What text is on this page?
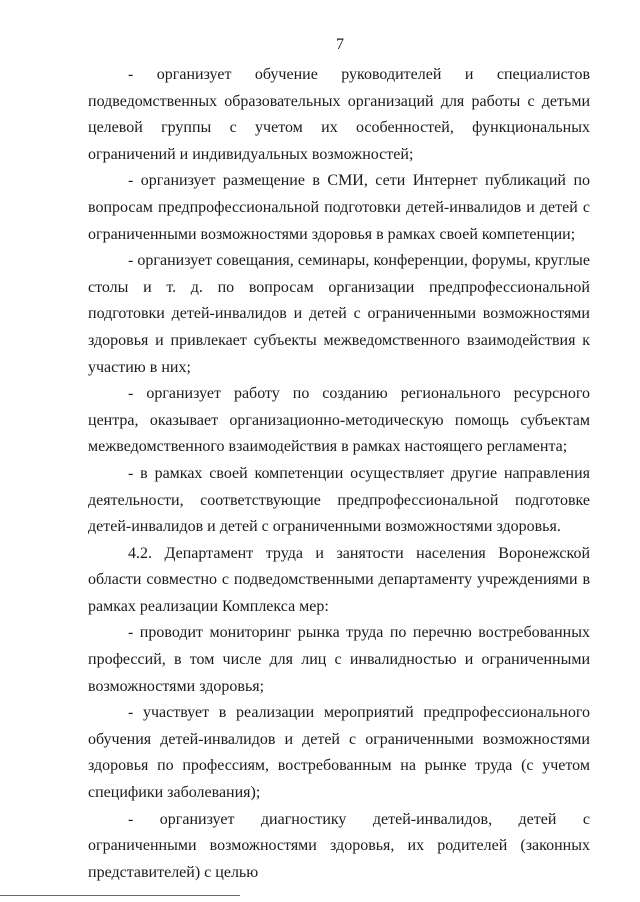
7

- организует обучение руководителей и специалистов подведомственных образовательных организаций для работы с детьми целевой группы с учетом их особенностей, функциональных ограничений и индивидуальных возможностей;

- организует размещение в СМИ, сети Интернет публикаций по вопросам предпрофессиональной подготовки детей-инвалидов и детей с ограниченными возможностями здоровья в рамках своей компетенции;

- организует совещания, семинары, конференции, форумы, круглые столы и т. д. по вопросам организации предпрофессиональной подготовки детей-инвалидов и детей с ограниченными возможностями здоровья и привлекает субъекты межведомственного взаимодействия к участию в них;

- организует работу по созданию регионального ресурсного центра, оказывает организационно-методическую помощь субъектам межведомственного взаимодействия в рамках настоящего регламента;

- в рамках своей компетенции осуществляет другие направления деятельности, соответствующие предпрофессиональной подготовке детей-инвалидов и детей с ограниченными возможностями здоровья.

4.2. Департамент труда и занятости населения Воронежской области совместно с подведомственными департаменту учреждениями в рамках реализации Комплекса мер:

- проводит мониторинг рынка труда по перечню востребованных профессий, в том числе для лиц с инвалидностью и ограниченными возможностями здоровья;

- участвует в реализации мероприятий предпрофессионального обучения детей-инвалидов и детей с ограниченными возможностями здоровья по профессиям, востребованным на рынке труда (с учетом специфики заболевания);

- организует диагностику детей-инвалидов, детей с ограниченными возможностями здоровья, их родителей (законных представителей) с целью
